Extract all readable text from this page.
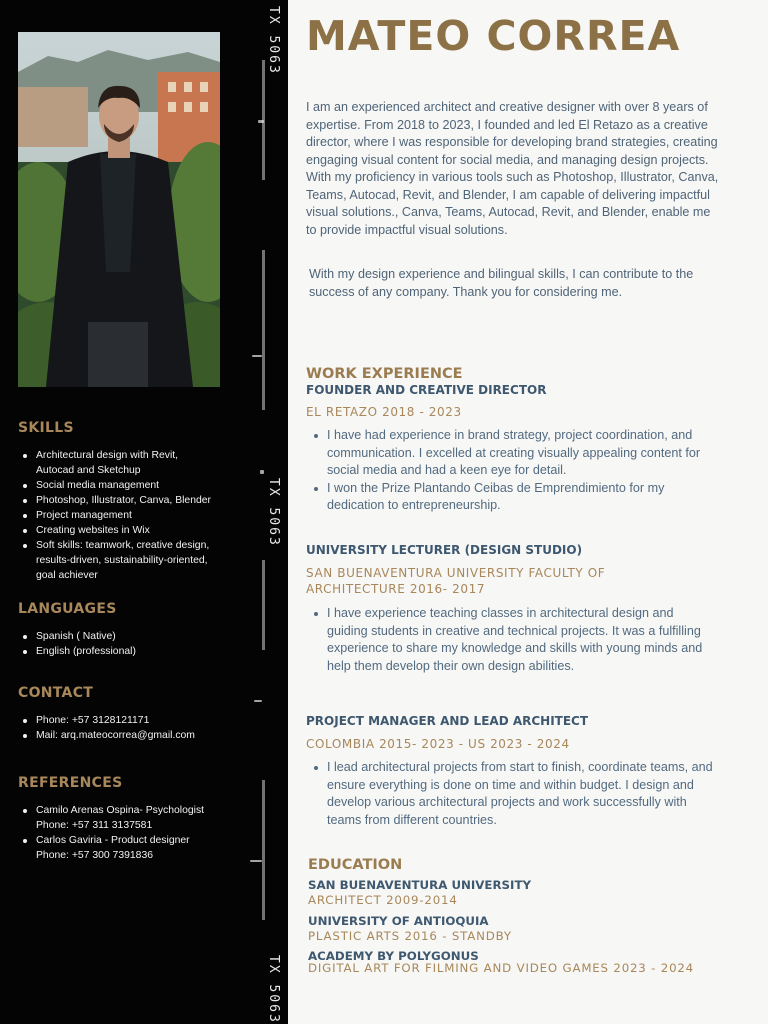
TX 5063
TX 5063
TX 5063
SKILLS
Architectural design with Revit,
Autocad and Sketchup
Social media management
Photoshop, Illustrator, Canva, Blender
Project management
Creating websites in Wix
Soft skills: teamwork, creative design,
results-driven, sustainability-oriented,
goal achiever
LANGUAGES
Spanish ( Native)
English (professional)
CONTACT
Phone: +57 3128121171
Mail: arq.mateocorrea@gmail.com
REFERENCES
Camilo Arenas Ospina- Psychologist
Phone: +57 311 3137581
Carlos Gaviria - Product designer
Phone: +57 300 7391836
MATEO CORREA

I am an experienced architect and creative designer with over 8 years of expertise. From 2018 to 2023, I founded and led El Retazo as a creative director, where I was responsible for developing brand strategies, creating engaging visual content for social media, and managing design projects. With my proficiency in various tools such as Photoshop, Illustrator, Canva, Teams, Autocad, Revit, and Blender, I am capable of delivering impactful visual solutions., Canva, Teams, Autocad, Revit, and Blender, enable me to provide impactful visual solutions.

With my design experience and bilingual skills, I can contribute to the success of any company. Thank you for considering me.

WORK EXPERIENCE
FOUNDER AND CREATIVE DIRECTOR
EL RETAZO 2018 - 2023
I have had experience in brand strategy, project coordination, and communication. I excelled at creating visually appealing content for social media and had a keen eye for detail.
I won the Prize Plantando Ceibas de Emprendimiento for my dedication to entrepreneurship.
UNIVERSITY LECTURER (DESIGN STUDIO)
SAN BUENAVENTURA UNIVERSITY FACULTY OF ARCHITECTURE 2016- 2017
I have experience teaching classes in architectural design and guiding students in creative and technical projects. It was a fulfilling experience to share my knowledge and skills with young minds and help them develop their own design abilities.
PROJECT MANAGER AND LEAD ARCHITECT
COLOMBIA 2015- 2023 - US 2023 - 2024
I lead architectural projects from start to finish, coordinate teams, and ensure everything is done on time and within budget. I design and develop various architectural projects and work successfully with teams from different countries.
EDUCATION
SAN BUENAVENTURA UNIVERSITY
ARCHITECT 2009-2014
UNIVERSITY OF ANTIOQUIA
PLASTIC ARTS 2016 - STANDBY
ACADEMY BY POLYGONUS
DIGITAL ART FOR FILMING AND VIDEO GAMES 2023 - 2024
